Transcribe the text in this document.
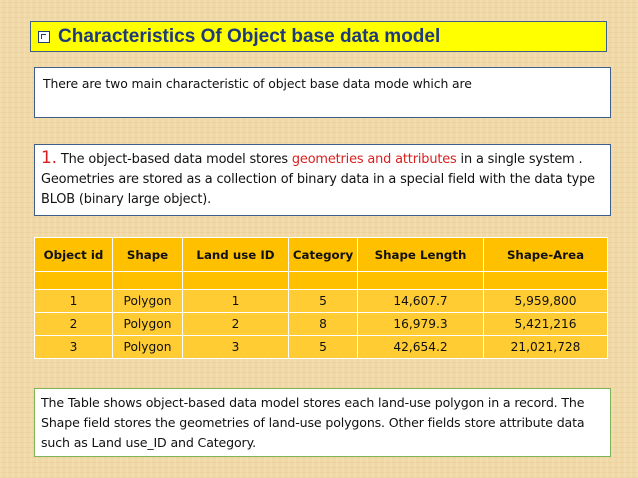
Characteristics Of Object base data model
There are two main characteristic of object base data mode which are
1. The object-based data model stores geometries and attributes in a single system . Geometries are stored as a collection of binary data in a special field with the data type BLOB (binary large object).
Object id	Shape	Land use ID	Category	Shape Length	Shape-Area

1	Polygon	1	5	14,607.7	5,959,800
2	Polygon	2	8	16,979.3	5,421,216
3	Polygon	3	5	42,654.2	21,021,728
The Table shows object-based data model stores each land-use polygon in a record. The Shape field stores the geometries of land-use polygons. Other fields store attribute data such as Land use_ID and Category.
